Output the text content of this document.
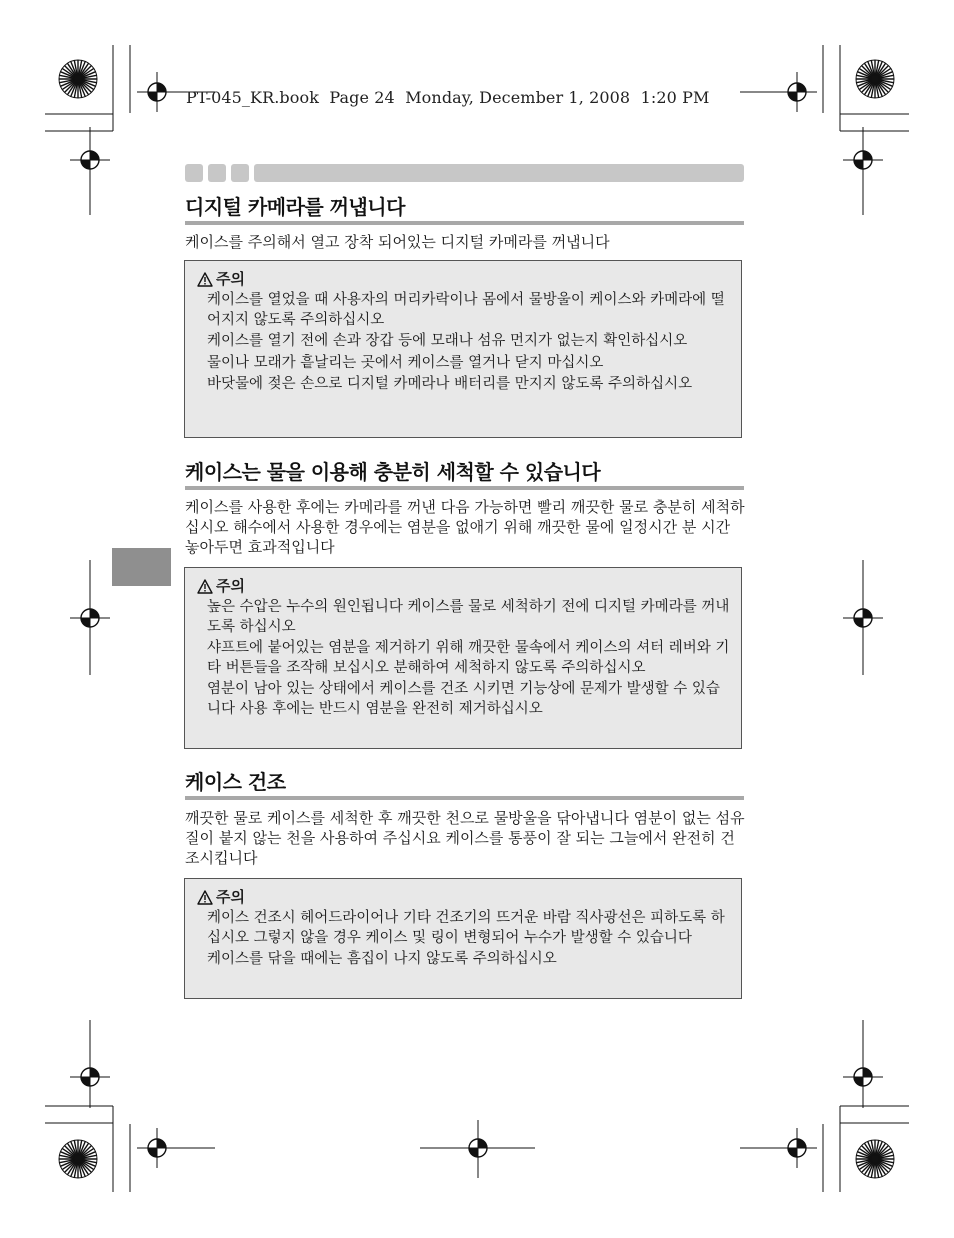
PT-045_KR.book  Page 24  Monday, December 1, 2008  1:20 PM
디지털 카메라를 꺼냅니다

케이스를 주의해서 열고 장착 되어있는 디지털 카메라를 꺼냅니다

주의
케이스를 열었을 때 사용자의 머리카락이나 몸에서 물방울이 케이스와 카메라에 떨어지지 않도록 주의하십시오
케이스를 열기 전에 손과 장갑 등에 모래나 섬유 먼지가 없는지 확인하십시오
물이나 모래가 흩날리는 곳에서 케이스를 열거나 닫지 마십시오
바닷물에 젖은 손으로 디지털 카메라나 배터리를 만지지 않도록 주의하십시오
케이스는 물을 이용해 충분히 세척할 수 있습니다

케이스를 사용한 후에는 카메라를 꺼낸 다음 가능하면 빨리 깨끗한 물로 충분히 세척하십시오 해수에서 사용한 경우에는 염분을 없애기 위해 깨끗한 물에 일정시간 분 시간 놓아두면 효과적입니다

주의
높은 수압은 누수의 원인됩니다 케이스를 물로 세척하기 전에 디지털 카메라를 꺼내도록 하십시오
샤프트에 붙어있는 염분을 제거하기 위해 깨끗한 물속에서 케이스의 셔터 레버와 기타 버튼들을 조작해 보십시오 분해하여 세척하지 않도록 주의하십시오
염분이 남아 있는 상태에서 케이스를 건조 시키면 기능상에 문제가 발생할 수 있습니다 사용 후에는 반드시 염분을 완전히 제거하십시오
케이스 건조

깨끗한 물로 케이스를 세척한 후 깨끗한 천으로 물방울을 닦아냅니다 염분이 없는 섬유질이 붙지 않는 천을 사용하여 주십시요 케이스를 통풍이 잘 되는 그늘에서 완전히 건조시킵니다

주의
케이스 건조시 헤어드라이어나 기타 건조기의 뜨거운 바람 직사광선은 피하도록 하십시오 그렇지 않을 경우 케이스 및 링이 변형되어 누수가 발생할 수 있습니다
케이스를 닦을 때에는 흠집이 나지 않도록 주의하십시오
